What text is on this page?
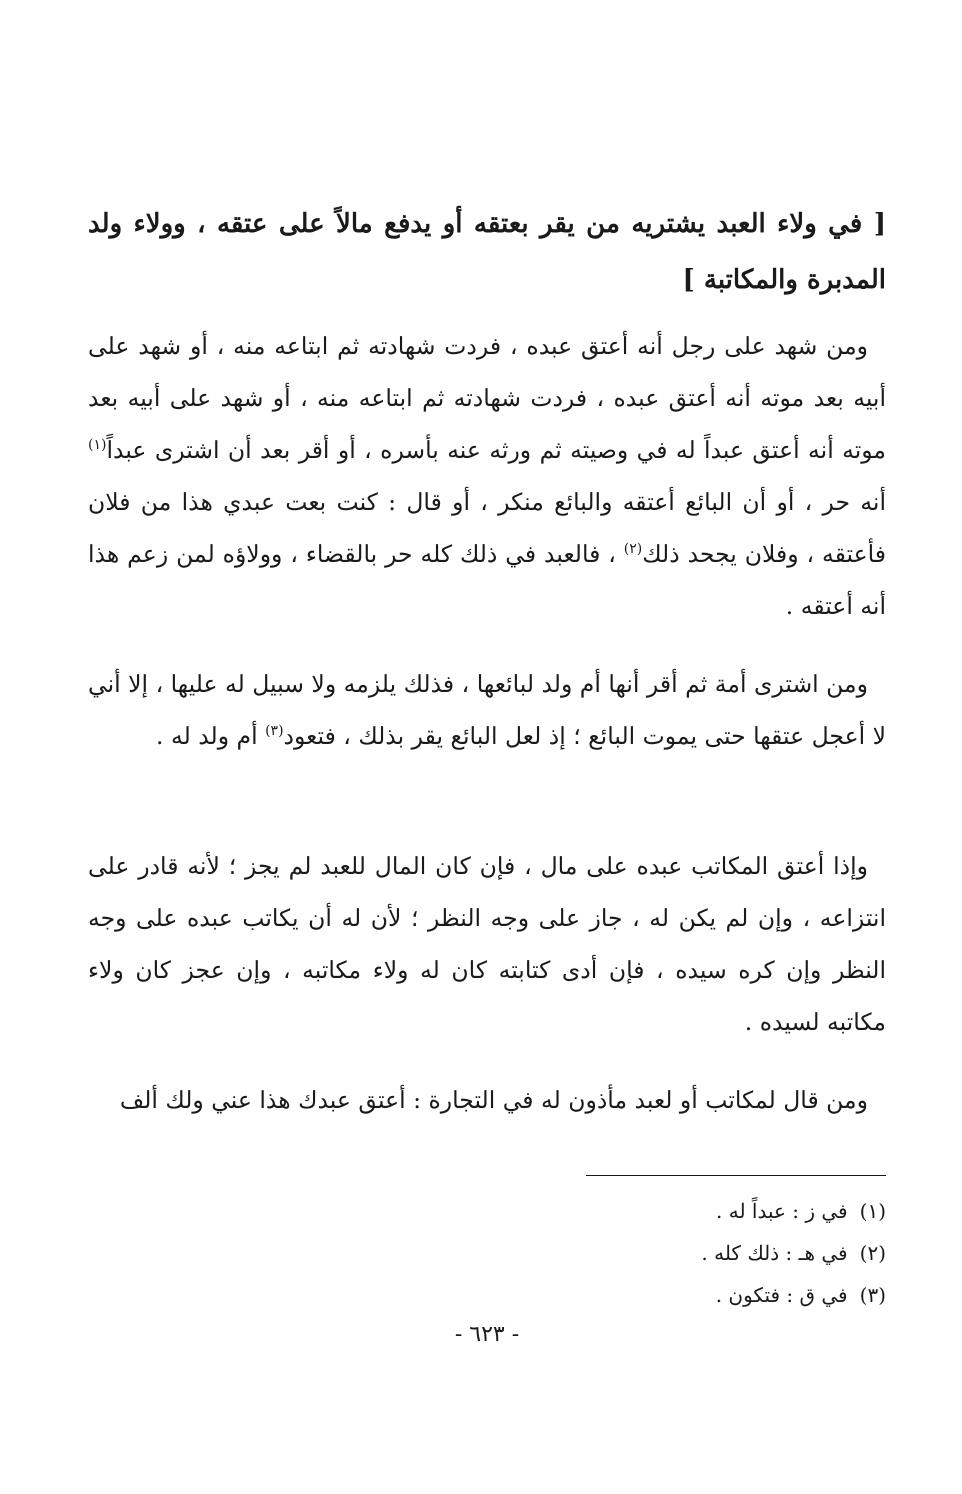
[ في ولاء العبد يشتريه من يقر بعتقه أو يدفع مالاً على عتقه ، وولاء ولد المدبرة والمكاتبة ]

ومن شهد على رجل أنه أعتق عبده ، فردت شهادته ثم ابتاعه منه ، أو شهد على أبيه بعد موته أنه أعتق عبده ، فردت شهادته ثم ابتاعه منه ، أو شهد على أبيه بعد موته أنه أعتق عبداً له في وصيته ثم ورثه عنه بأسره ، أو أقر بعد أن اشترى عبداً$^{(١)}$ أنه حر ، أو أن البائع أعتقه والبائع منكر ، أو قال : كنت بعت عبدي هذا من فلان فأعتقه ، وفلان يجحد ذلك$^{(٢)}$ ، فالعبد في ذلك كله حر بالقضاء ، وولاؤه لمن زعم هذا أنه أعتقه .

ومن اشترى أمة ثم أقر أنها أم ولد لبائعها ، فذلك يلزمه ولا سبيل له عليها ، إلا أني لا أعجل عتقها حتى يموت البائع ؛ إذ لعل البائع يقر بذلك ، فتعود$^{(٣)}$ أم ولد له .

وإذا أعتق المكاتب عبده على مال ، فإن كان المال للعبد لم يجز ؛ لأنه قادر على انتزاعه ، وإن لم يكن له ، جاز على وجه النظر ؛ لأن له أن يكاتب عبده على وجه النظر وإن كره سيده ، فإن أدى كتابته كان له ولاء مكاتبه ، وإن عجز كان ولاء مكاتبه لسيده .

ومن قال لمكاتب أو لعبد مأذون له في التجارة : أعتق عبدك هذا عني ولك ألف

(١)في ز : عبداً له .
(٢)في هـ : ذلك كله .
(٣)في ق : فتكون .
- ٦٢٣ -
